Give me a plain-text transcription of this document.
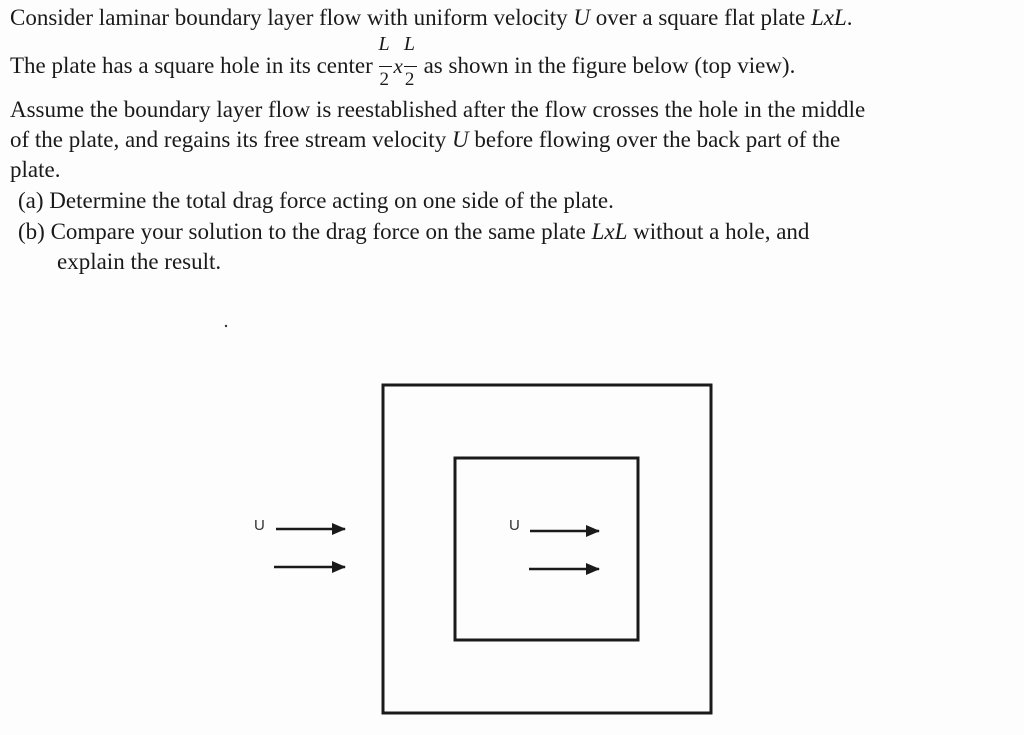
Consider laminar boundary layer flow with uniform velocity U over a square flat plate LxL.
The plate has a square hole in its center $\frac{L}{2}$ x $\frac{L}{2}$ as shown in the figure below (top view).
Assume the boundary layer flow is reestablished after the flow crosses the hole in the middle
of the plate, and regains its free stream velocity U before flowing over the back part of the
plate.
(a) Determine the total drag force acting on one side of the plate.
(b) Compare your solution to the drag force on the same plate LxL without a hole, and
explain the result.
U	U
